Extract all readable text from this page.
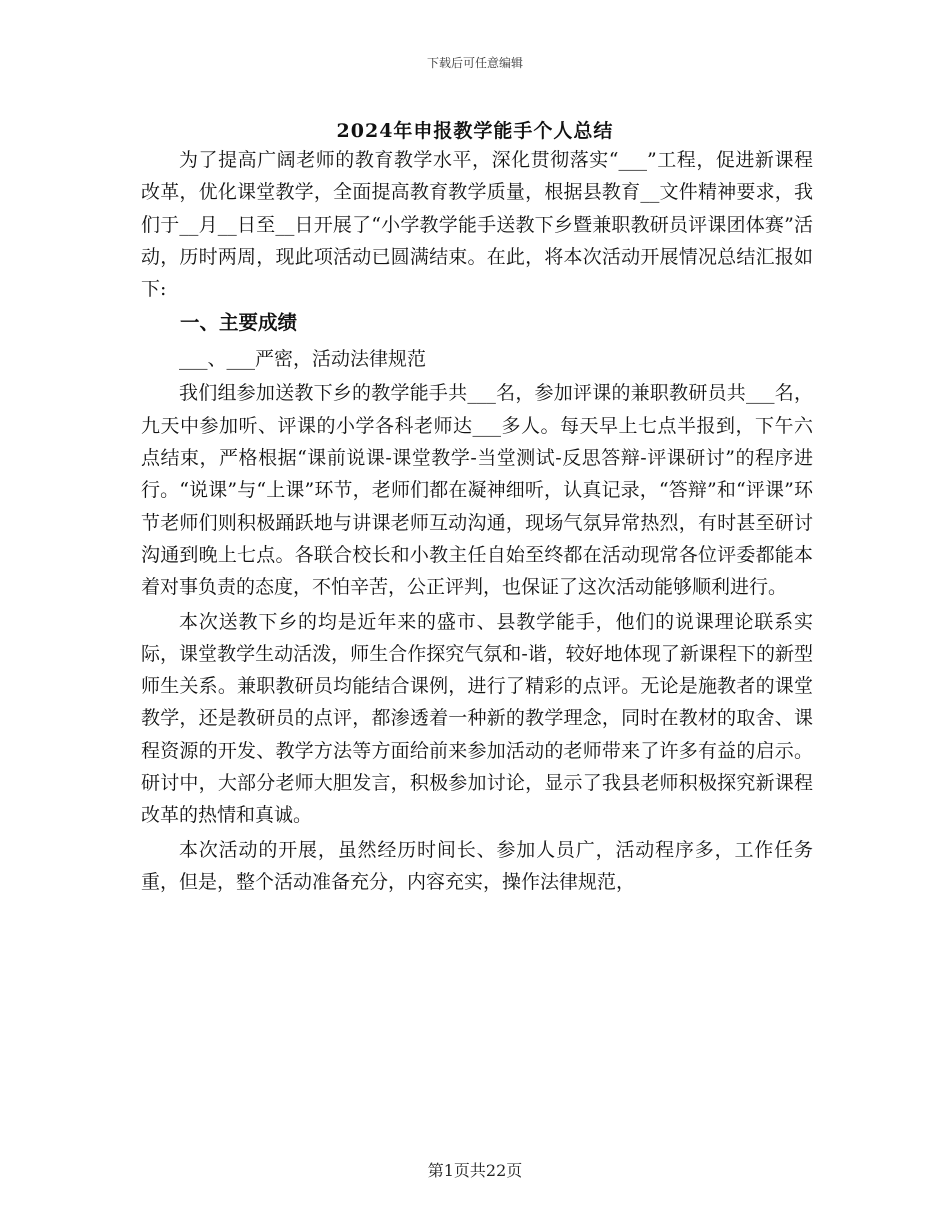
下载后可任意编辑
2024年申报教学能手个人总结

为了提高广阔老师的教育教学水平，深化贯彻落实“___”工程，促进新课程改革，优化课堂教学，全面提高教育教学质量，根据县教育__文件精神要求，我们于__月__日至__日开展了“小学教学能手送教下乡暨兼职教研员评课团体赛”活动，历时两周，现此项活动已圆满结束。在此，将本次活动开展情况总结汇报如下:

一、主要成绩

___、___严密，活动法律规范

我们组参加送教下乡的教学能手共___名，参加评课的兼职教研员共___名，九天中参加听、评课的小学各科老师达___多人。每天早上七点半报到，下午六点结束，严格根据“课前说课-课堂教学-当堂测试-反思答辩-评课研讨”的程序进行。“说课”与“上课”环节，老师们都在凝神细听，认真记录，“答辩”和“评课”环节老师们则积极踊跃地与讲课老师互动沟通，现场气氛异常热烈，有时甚至研讨沟通到晚上七点。各联合校长和小教主任自始至终都在活动现常各位评委都能本着对事负责的态度，不怕辛苦，公正评判，也保证了这次活动能够顺利进行。

本次送教下乡的均是近年来的盛市、县教学能手，他们的说课理论联系实际，课堂教学生动活泼，师生合作探究气氛和-谐，较好地体现了新课程下的新型师生关系。兼职教研员均能结合课例，进行了精彩的点评。无论是施教者的课堂教学，还是教研员的点评，都渗透着一种新的教学理念，同时在教材的取舍、课程资源的开发、教学方法等方面给前来参加活动的老师带来了许多有益的启示。研讨中，大部分老师大胆发言，积极参加讨论，显示了我县老师积极探究新课程改革的热情和真诚。

本次活动的开展，虽然经历时间长、参加人员广，活动程序多，工作任务重，但是，整个活动准备充分，内容充实，操作法律规范，

第1页共22页
